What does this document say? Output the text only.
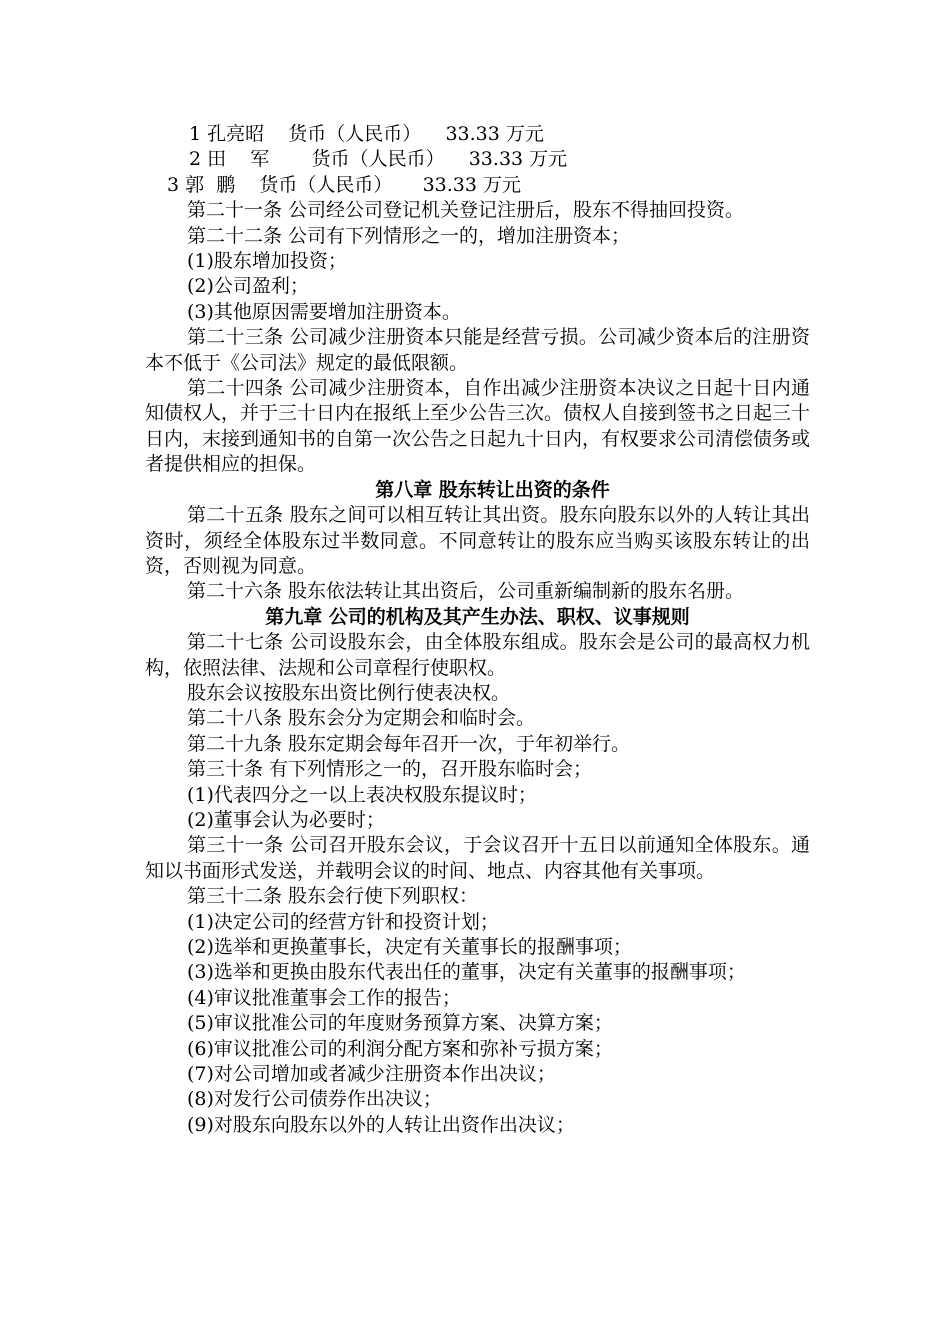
1 孔亮昭    货币（人民币）    33.33 万元

2 田    军       货币（人民币）    33.33 万元

3 郭  鹏    货币（人民币）     33.33 万元

第二十一条 公司经公司登记机关登记注册后，股东不得抽回投资。

第二十二条 公司有下列情形之一的，增加注册资本；

(1)股东增加投资；

(2)公司盈利；

(3)其他原因需要增加注册资本。

第二十三条 公司减少注册资本只能是经营亏损。公司减少资本后的注册资本不低于《公司法》规定的最低限额。

第二十四条 公司减少注册资本，自作出减少注册资本决议之日起十日内通知债权人，并于三十日内在报纸上至少公告三次。债权人自接到签书之日起三十日内，末接到通知书的自第一次公告之日起九十日内，有权要求公司清偿债务或者提供相应的担保。

第八章 股东转让出资的条件

第二十五条 股东之间可以相互转让其出资。股东向股东以外的人转让其出资时，须经全体股东过半数同意。不同意转让的股东应当购买该股东转让的出资，否则视为同意。

第二十六条 股东依法转让其出资后，公司重新编制新的股东名册。

第九章 公司的机构及其产生办法、职权、议事规则

第二十七条 公司设股东会，由全体股东组成。股东会是公司的最高权力机构，依照法律、法规和公司章程行使职权。

股东会议按股东出资比例行使表决权。

第二十八条 股东会分为定期会和临时会。

第二十九条 股东定期会每年召开一次，于年初举行。

第三十条 有下列情形之一的，召开股东临时会；

(1)代表四分之一以上表决权股东提议时；

(2)董事会认为必要时；

第三十一条 公司召开股东会议，于会议召开十五日以前通知全体股东。通知以书面形式发送，并载明会议的时间、地点、内容其他有关事项。

第三十二条 股东会行使下列职权：

(1)决定公司的经营方针和投资计划；

(2)选举和更换董事长，决定有关董事长的报酬事项；

(3)选举和更换由股东代表出任的董事，决定有关董事的报酬事项；

(4)审议批准董事会工作的报告；

(5)审议批准公司的年度财务预算方案、决算方案；

(6)审议批准公司的利润分配方案和弥补亏损方案；

(7)对公司增加或者减少注册资本作出决议；

(8)对发行公司债券作出决议；

(9)对股东向股东以外的人转让出资作出决议；
